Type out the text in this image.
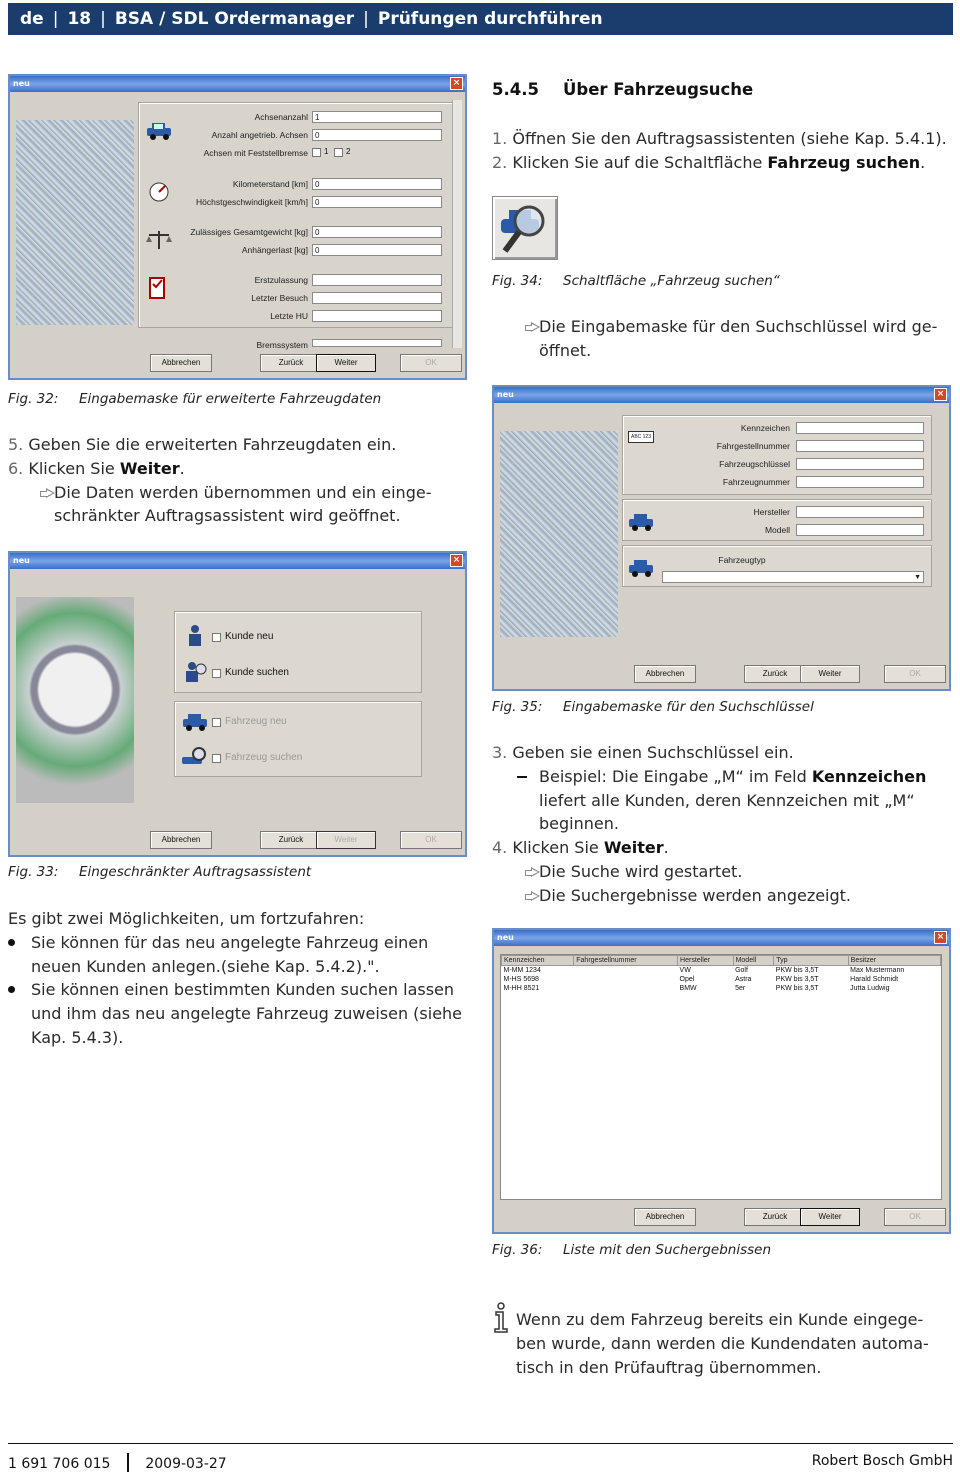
de | 18 | BSA / SDL Ordermanager | Prüfungen durchführen
neu	×
Achsenanzahl 1
Anzahl angetrieb. Achsen 0
Achsen mit Feststellbremse 1 2
Kilometerstand [km] 0
Höchstgeschwindigkeit [km/h] 0
Zulässiges Gesamtgewicht [kg] 0
Anhängerlast [kg] 0
Erstzulassung
Letzter Besuch
Letzte HU
Bremssystem
Abbrechen	Zurück	Weiter	OK
Fig. 32: Eingabemaske für erweiterte Fahrzeugdaten
5. Geben Sie die erweiterten Fahrzeugdaten ein.
6. Klicken Sie Weiter.
Die Daten werden übernommen und ein einge-
schränkter Auftragsassistent wird geöffnet.
neu	×
Kunde neu
Kunde suchen
Fahrzeug neu
Fahrzeug suchen
Abbrechen	Zurück	Weiter	OK
Fig. 33: Eingeschränkter Auftragsassistent
Es gibt zwei Möglichkeiten, um fortzufahren:
Sie können für das neu angelegte Fahrzeug einen
neuen Kunden anlegen.(siehe Kap. 5.4.2).".
Sie können einen bestimmten Kunden suchen lassen
und ihm das neu angelegte Fahrzeug zuweisen (siehe
Kap. 5.4.3).
5.4.5 Über Fahrzeugsuche
1. Öffnen Sie den Auftragsassistenten (siehe Kap. 5.4.1).
2. Klicken Sie auf die Schaltfläche Fahrzeug suchen.
Fig. 34: Schaltfläche „Fahrzeug suchen“
Die Eingabemaske für den Suchschlüssel wird ge-
öffnet.
neu	×
ABC 123
Kennzeichen
Fahrgestellnummer
Fahrzeugschlüssel
Fahrzeugnummer
Hersteller
Modell
Fahrzeugtyp
▼
Abbrechen	Zurück	Weiter	OK
Fig. 35: Eingabemaske für den Suchschlüssel
3. Geben sie einen Suchschlüssel ein.
Beispiel: Die Eingabe „M“ im Feld Kennzeichen
liefert alle Kunden, deren Kennzeichen mit „M“
beginnen.
4. Klicken Sie Weiter.
Die Suche wird gestartet.
Die Suchergebnisse werden angezeigt.
neu	×
Kennzeichen	Fahrgestellnummer	Hersteller	Modell	Typ	Besitzer
M-MM 1234		VW	Golf	PKW bis 3,5T	Max Mustermann
M-HS 5698		Opel	Astra	PKW bis 3,5T	Harald Schmidt
M-HH 8521		BMW	5er	PKW bis 3,5T	Jutta Ludwig
Abbrechen	Zurück	Weiter	OK
Fig. 36: Liste mit den Suchergebnissen
Wenn zu dem Fahrzeug bereits ein Kunde eingege-
ben wurde, dann werden die Kundendaten automa-
tisch in den Prüfauftrag übernommen.
1 691 706 015 2009-03-27	Robert Bosch GmbH
